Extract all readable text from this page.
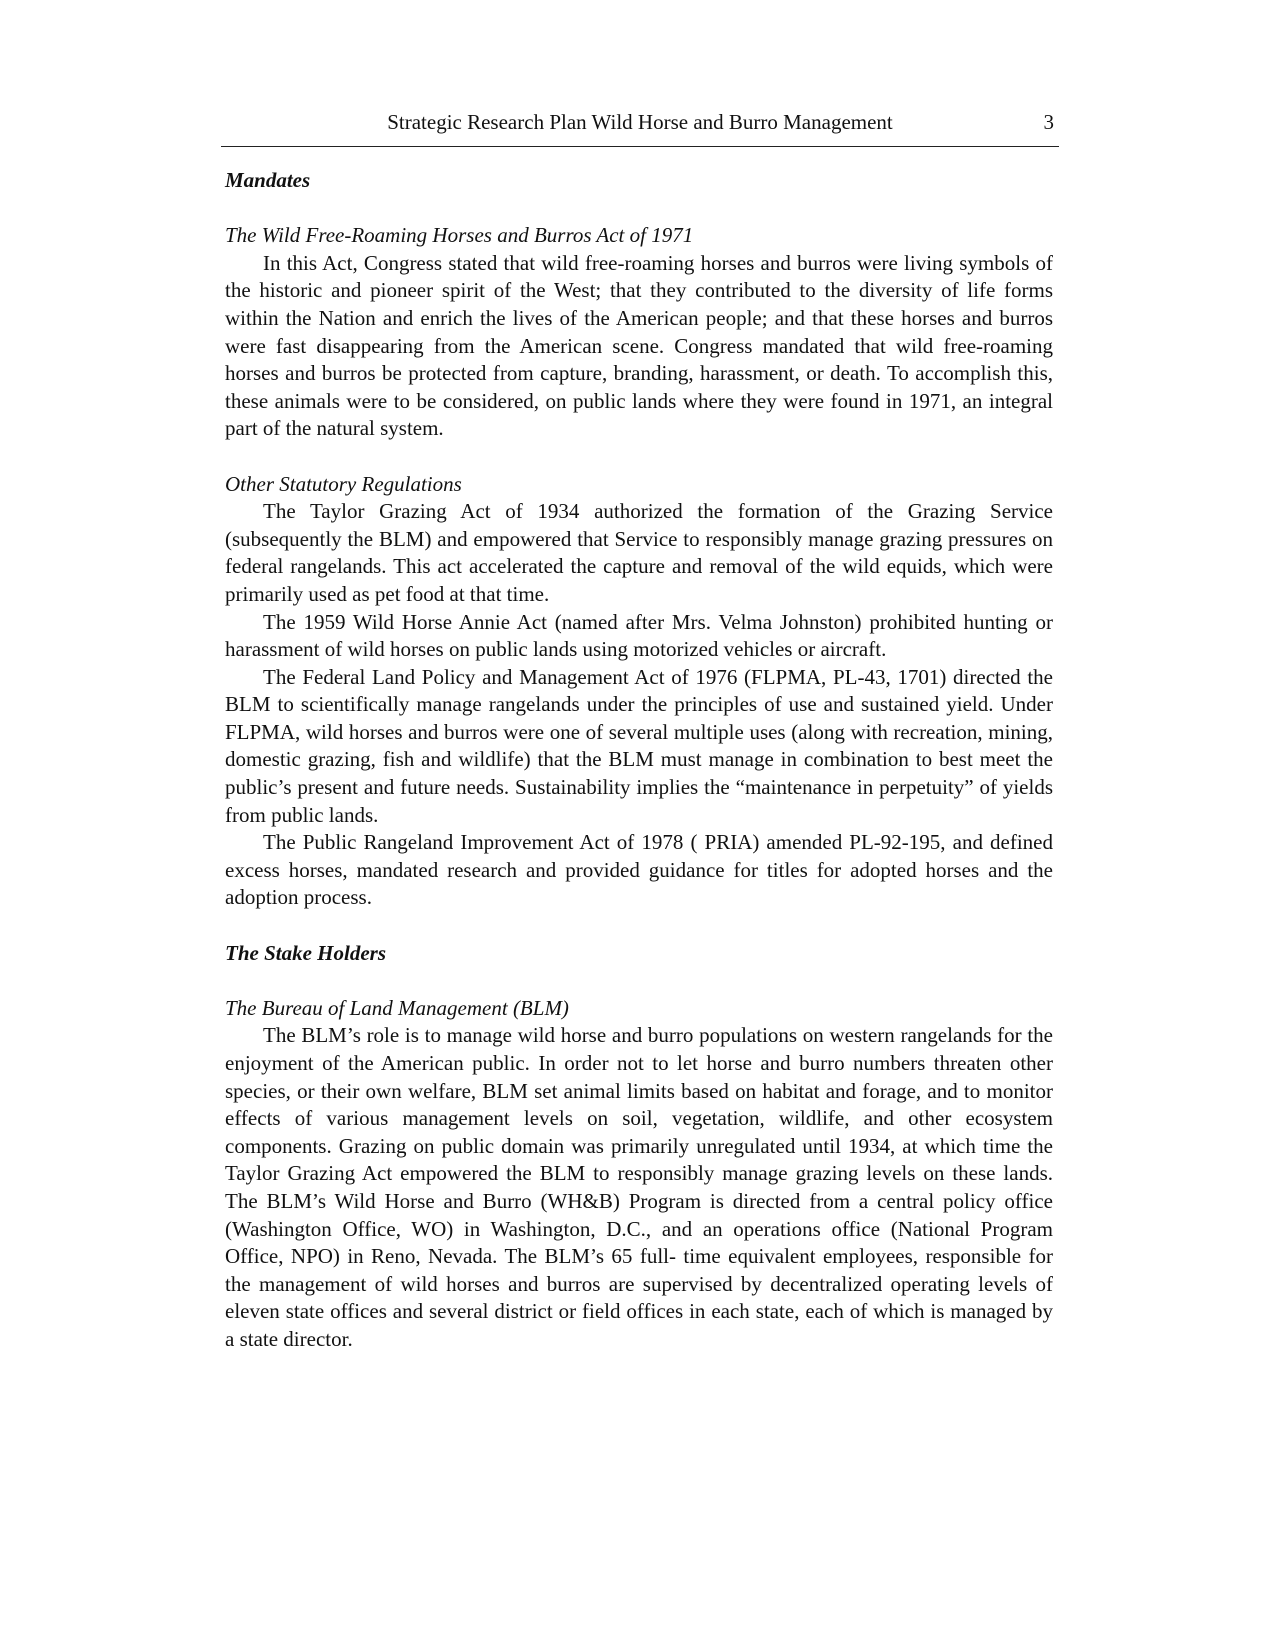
Strategic Research Plan Wild Horse and Burro Management	3
Mandates
The Wild Free-Roaming Horses and Burros Act of 1971

In this Act, Congress stated that wild free-roaming horses and burros were living symbols of the historic and pioneer spirit of the West; that they contributed to the diversity of life forms within the Nation and enrich the lives of the American people; and that these horses and burros were fast disappearing from the American scene. Congress mandated that wild free-roaming horses and burros be protected from capture, branding, harassment, or death. To accomplish this, these animals were to be considered, on public lands where they were found in 1971, an integral part of the natural system.

Other Statutory Regulations

The Taylor Grazing Act of 1934 authorized the formation of the Grazing Service (subsequently the BLM) and empowered that Service to responsibly manage grazing pressures on federal rangelands. This act accelerated the capture and removal of the wild equids, which were primarily used as pet food at that time.

The 1959 Wild Horse Annie Act (named after Mrs. Velma Johnston) prohibited hunting or harassment of wild horses on public lands using motorized vehicles or aircraft.

The Federal Land Policy and Management Act of 1976 (FLPMA, PL-43, 1701) directed the BLM to scientifically manage rangelands under the principles of use and sustained yield. Under FLPMA, wild horses and burros were one of several multiple uses (along with recreation, mining, domestic grazing, fish and wildlife) that the BLM must manage in combination to best meet the public’s present and future needs. Sustainability implies the “maintenance in perpetuity” of yields from public lands.

The Public Rangeland Improvement Act of 1978 ( PRIA) amended PL-92-195, and defined excess horses, mandated research and provided guidance for titles for adopted horses and the adoption process.

The Stake Holders
The Bureau of Land Management (BLM)

The BLM’s role is to manage wild horse and burro populations on western rangelands for the enjoyment of the American public. In order not to let horse and burro numbers threaten other species, or their own welfare, BLM set animal limits based on habitat and forage, and to monitor effects of various management levels on soil, vegetation, wildlife, and other ecosystem components. Grazing on public domain was primarily unregulated until 1934, at which time the Taylor Grazing Act empowered the BLM to responsibly manage grazing levels on these lands. The BLM’s Wild Horse and Burro (WH&B) Program is directed from a central policy office (Washington Office, WO) in Washington, D.C., and an operations office (National Program Office, NPO) in Reno, Nevada. The BLM’s 65 full- time equivalent employees, responsible for the management of wild horses and burros are supervised by decentralized operating levels of eleven state offices and several district or field offices in each state, each of which is managed by a state director.
